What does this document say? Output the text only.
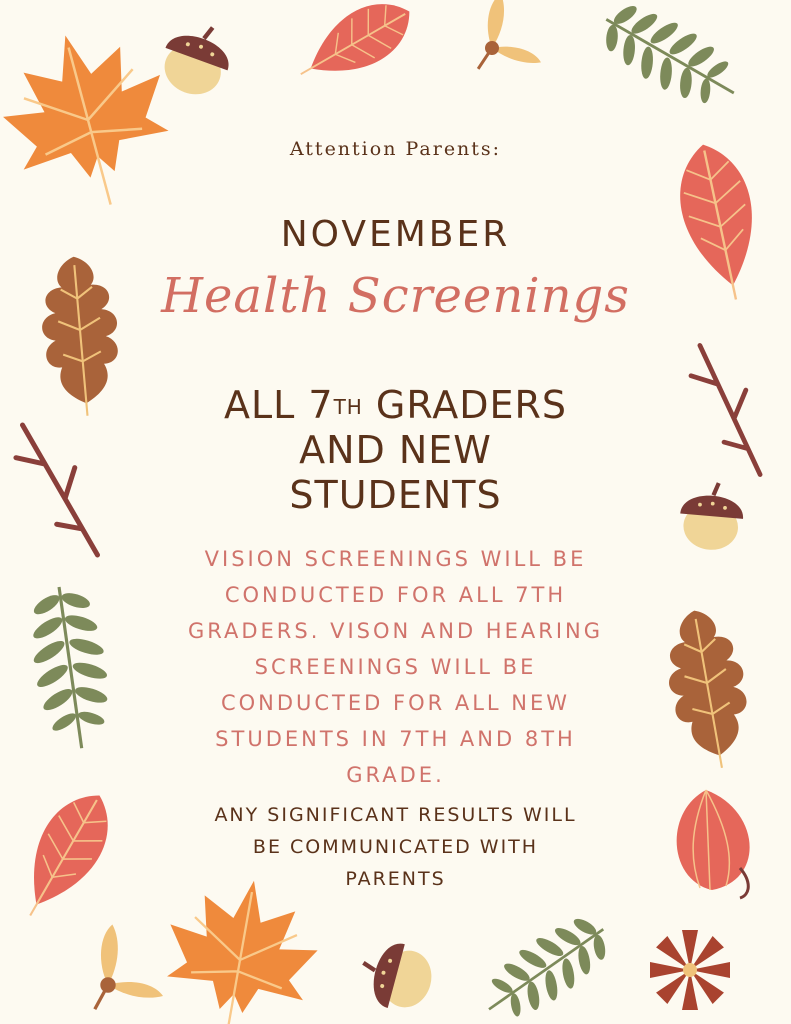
Attention Parents:
NOVEMBER
Health Screenings
ALL 7TH GRADERS
AND NEW
STUDENTS
VISION SCREENINGS WILL BE
CONDUCTED FOR ALL 7TH
GRADERS. VISON AND HEARING
SCREENINGS WILL BE
CONDUCTED FOR ALL NEW
STUDENTS IN 7TH AND 8TH
GRADE.
ANY SIGNIFICANT RESULTS WILL
BE COMMUNICATED WITH
PARENTS
